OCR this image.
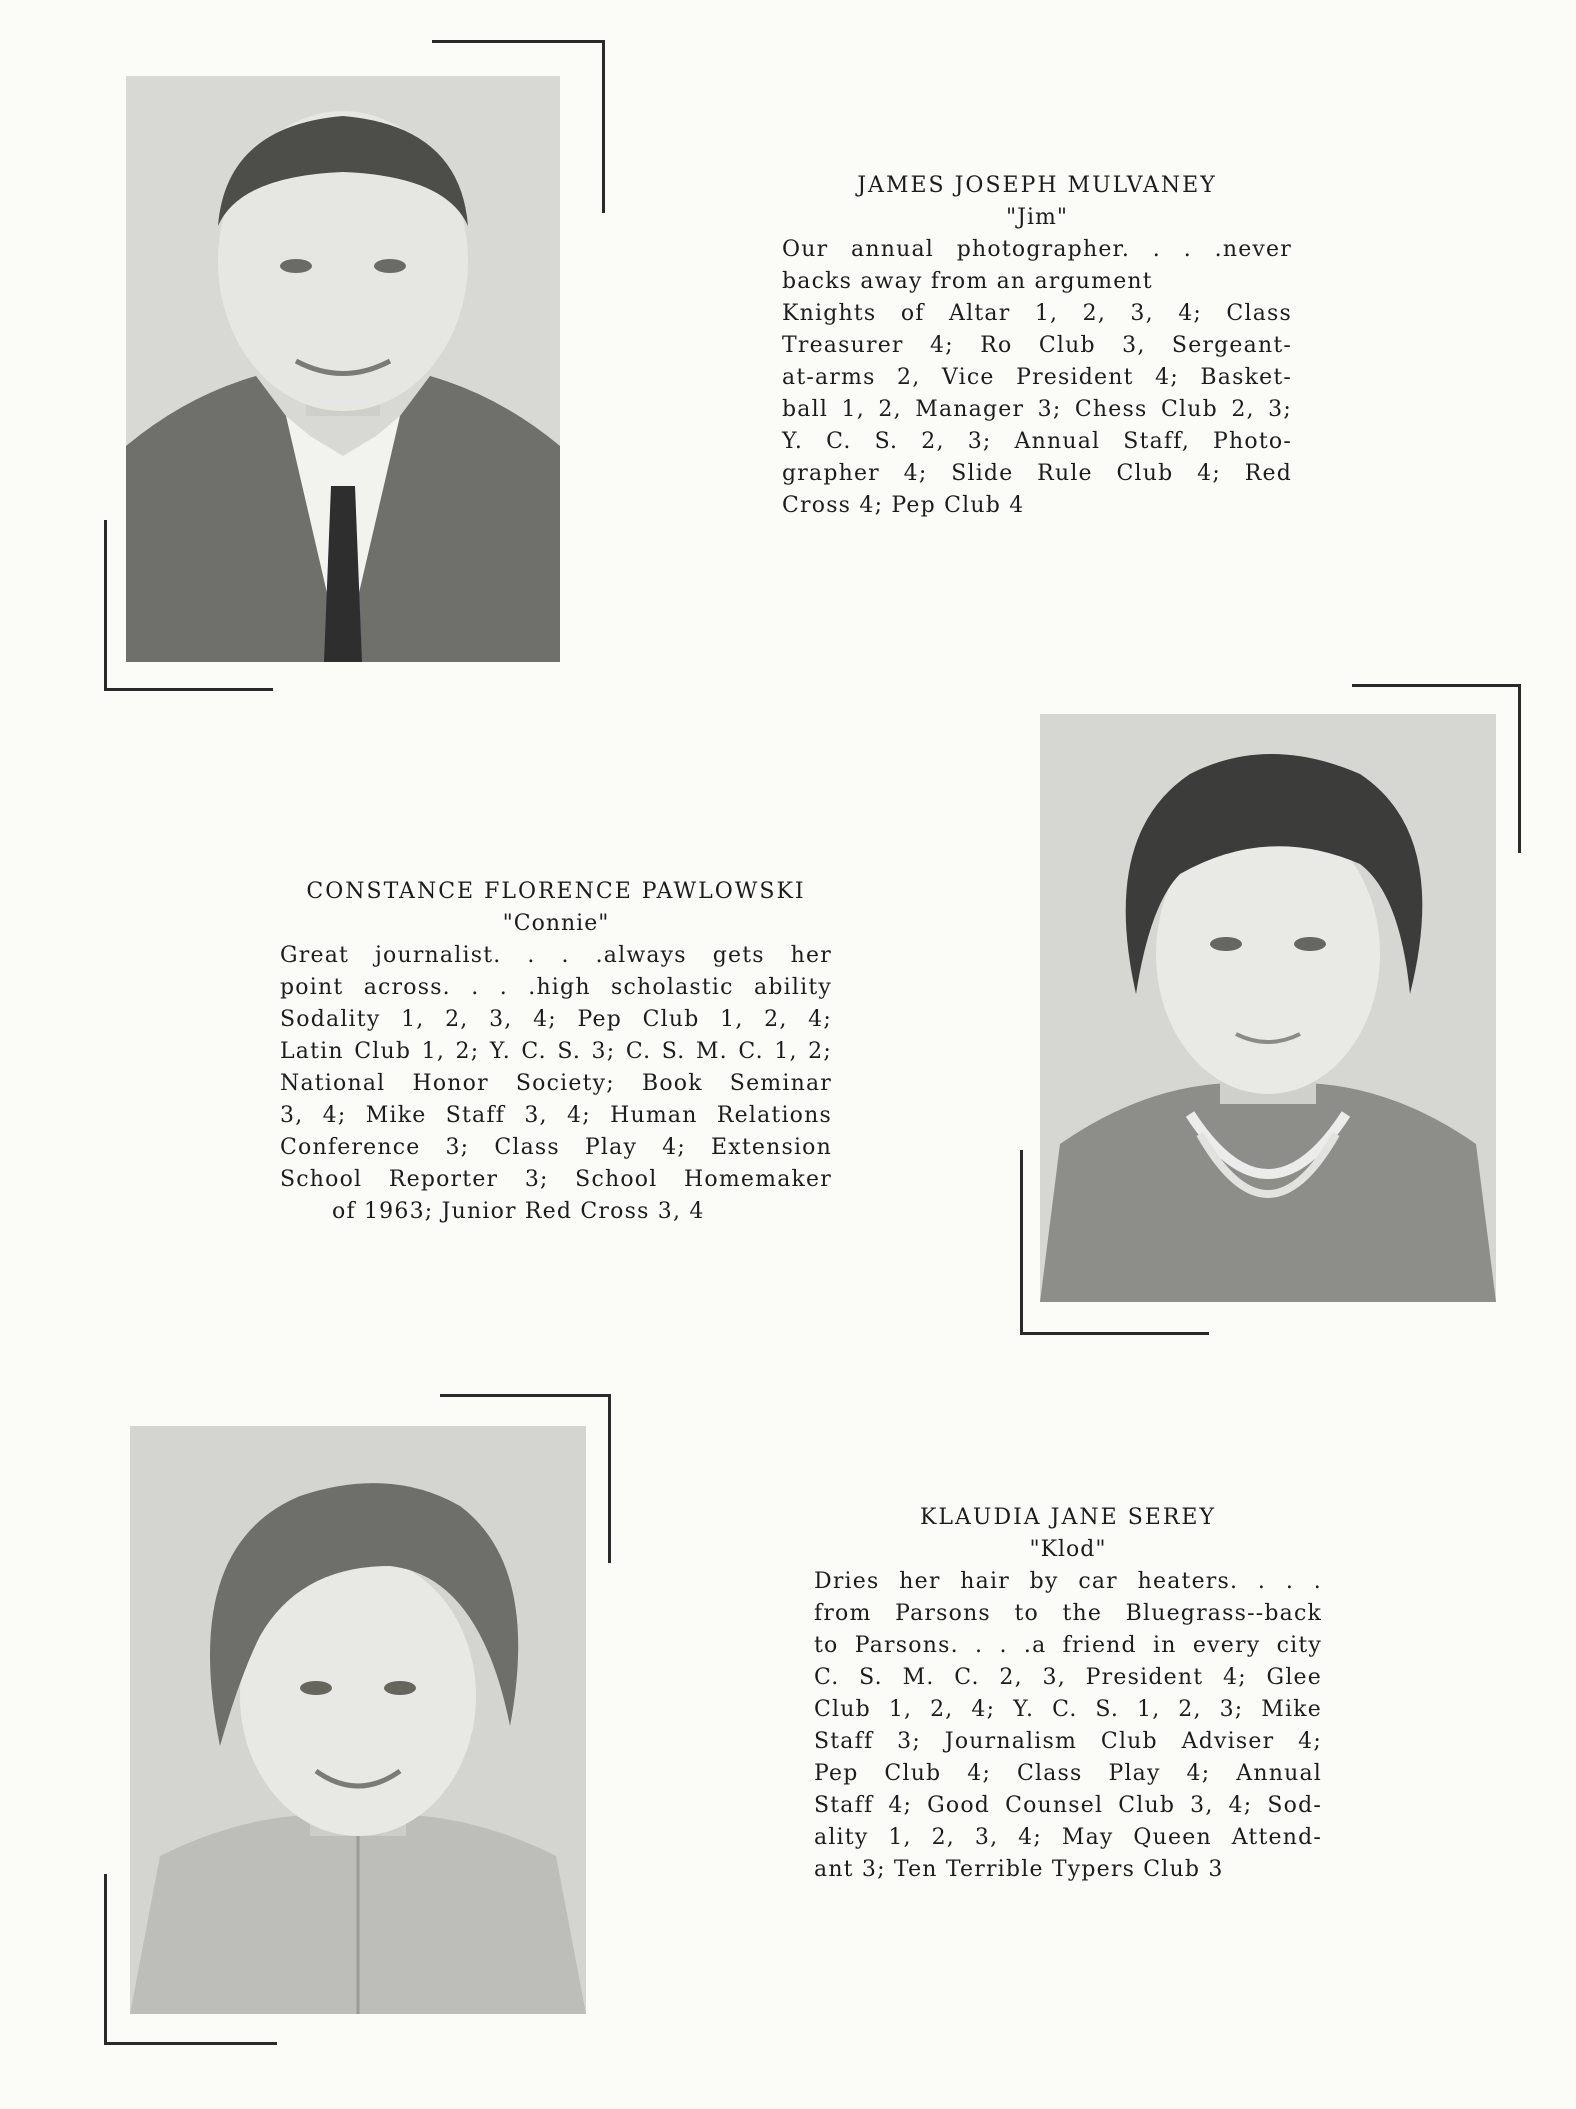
JAMES JOSEPH MULVANEY
"Jim"
Our annual photographer. . . .never
backs away from an argument
Knights of Altar 1, 2, 3, 4; Class
Treasurer 4; Ro Club 3, Sergeant-
at-arms 2, Vice President 4; Basket-
ball 1, 2, Manager 3; Chess Club 2, 3;
Y. C. S. 2, 3; Annual Staff, Photo-
grapher 4; Slide Rule Club 4; Red
Cross 4; Pep Club 4
CONSTANCE FLORENCE PAWLOWSKI
"Connie"
Great journalist. . . .always gets her
point across. . . .high scholastic ability
Sodality 1, 2, 3, 4; Pep Club 1, 2, 4;
Latin Club 1, 2; Y. C. S. 3; C. S. M. C. 1, 2;
National Honor Society; Book Seminar
3, 4; Mike Staff 3, 4; Human Relations
Conference 3; Class Play 4; Extension
School Reporter 3; School Homemaker
of 1963; Junior Red Cross 3, 4
KLAUDIA JANE SEREY
"Klod"
Dries her hair by car heaters. . . .
from Parsons to the Bluegrass--back
to Parsons. . . .a friend in every city
C. S. M. C. 2, 3, President 4; Glee
Club 1, 2, 4; Y. C. S. 1, 2, 3; Mike
Staff 3; Journalism Club Adviser 4;
Pep Club 4; Class Play 4; Annual
Staff 4; Good Counsel Club 3, 4; Sod-
ality 1, 2, 3, 4; May Queen Attend-
ant 3; Ten Terrible Typers Club 3
